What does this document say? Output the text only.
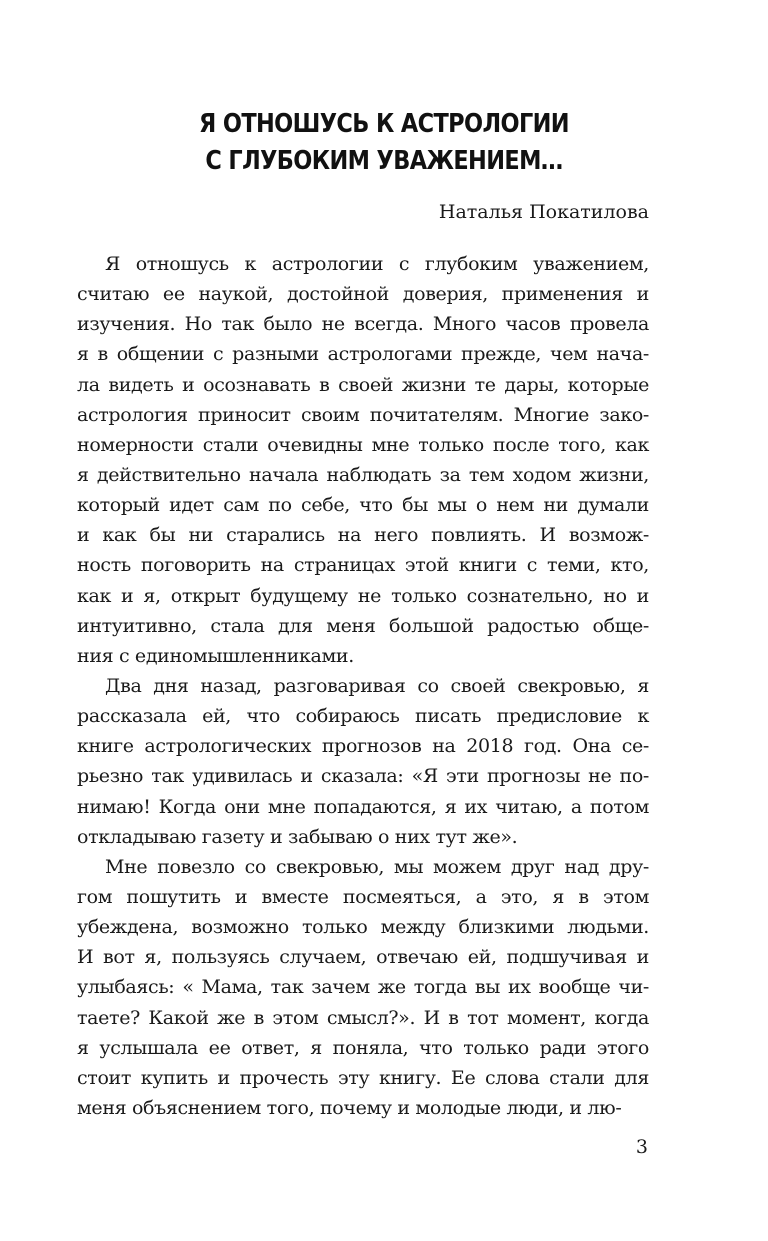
Я ОТНОШУСЬ К АСТРОЛОГИИ
С ГЛУБОКИМ УВАЖЕНИЕМ…
Наталья Покатилова
Я отношусь к астрологии с глубоким уважением,
считаю ее наукой, достойной доверия, применения и
изучения. Но так было не всегда. Много часов провела
я в общении с разными астрологами прежде, чем нача-
ла видеть и осознавать в своей жизни те дары, которые
астрология приносит своим почитателям. Многие зако-
номерности стали очевидны мне только после того, как
я действительно начала наблюдать за тем ходом жизни,
который идет сам по себе, что бы мы о нем ни думали
и как бы ни старались на него повлиять. И возмож-
ность поговорить на страницах этой книги с теми, кто,
как и я, открыт будущему не только сознательно, но и
интуитивно, стала для меня большой радостью обще-
ния с единомышленниками.
Два дня назад, разговаривая со своей свекровью, я
рассказала ей, что собираюсь писать предисловие к
книге астрологических прогнозов на 2018 год. Она се-
рьезно так удивилась и сказала: «Я эти прогнозы не по-
нимаю! Когда они мне попадаются, я их читаю, а потом
откладываю газету и забываю о них тут же».
Мне повезло со свекровью, мы можем друг над дру-
гом пошутить и вместе посмеяться, а это, я в этом
убеждена, возможно только между близкими людьми.
И вот я, пользуясь случаем, отвечаю ей, подшучивая и
улыбаясь: « Мама, так зачем же тогда вы их вообще чи-
таете? Какой же в этом смысл?». И в тот момент, когда
я услышала ее ответ, я поняла, что только ради этого
стоит купить и прочесть эту книгу. Ее слова стали для
меня объяснением того, почему и молодые люди, и лю-
3
